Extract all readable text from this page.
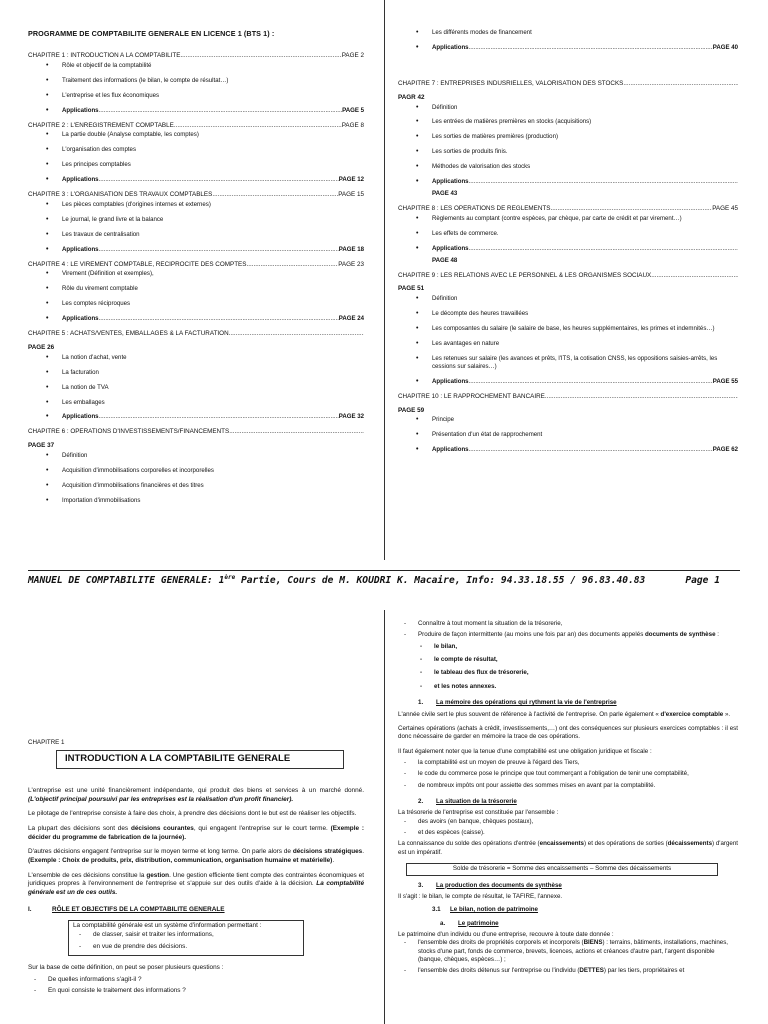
PROGRAMME DE COMPTABILITE GENERALE EN LICENCE 1 (BTS 1) :
CHAPITRE 1 : INTRODUCTION A LA COMPTABILITE .....	PAGE 2
• Rôle et objectif de la comptabilité
• Traitement des informations (le bilan, le compte de résultat…)
• L'entreprise et les flux économiques
• Applications .....	PAGE 5
CHAPITRE 2 : L'ENREGISTREMENT COMPTABLE .....	PAGE 8
• La partie double (Analyse comptable, les comptes)
• L'organisation des comptes
• Les principes comptables
• Applications .....	PAGE 12
CHAPITRE 3 : L'ORGANISATION DES TRAVAUX COMPTABLES .....	PAGE 15
• Les pièces comptables (d'origines internes et externes)
• Le journal, le grand livre et la balance
• Les travaux de centralisation
• Applications .....	PAGE 18
CHAPITRE 4 : LE VIREMENT COMPTABLE, RECIPROCITE DES COMPTES .....	PAGE 23
• Virement (Définition et exemples),
• Rôle du virement comptable
• Les comptes réciproques
• Applications .....	PAGE 24
CHAPITRE 5 : ACHATS/VENTES, EMBALLAGES & LA FACTURATION
.....
PAGE 26
• La notion d'achat, vente
• La facturation
• La notion de TVA
• Les emballages
• Applications .....	PAGE 32
CHAPITRE 6 : OPERATIONS D'INVESTISSEMENTS/FINANCEMENTS
.....
PAGE 37
• Définition
• Acquisition d'immobilisations corporelles et incorporelles
• Acquisition d'immobilisations financières et des titres
• Importation d'immobilisations
• Les différents modes de financement
• Applications .....	PAGE 40
CHAPITRE 7 : ENTREPRISES INDUSRIELLES, VALORISATION DES STOCKS
.....
PAGR 42
• Définition
• Les entrées de matières premières en stocks (acquisitions)
• Les sorties de matières premières (production)
• Les sorties de produits finis.
• Méthodes de valorisation des stocks
• Applications
.....
PAGE 43
CHAPITRE 8 : LES OPERATIONS DE REGLEMENTS .....	PAGE 45
• Règlements au comptant (contre espèces, par chèque, par carte de crédit et par virement…)
• Les effets de commerce.
• Applications
.....
PAGE 48
CHAPITRE 9 : LES RELATIONS AVEC LE PERSONNEL & LES ORGANISMES SOCIAUX
.....
PAGE 51
• Définition
• Le décompte des heures travaillées
• Les composantes du salaire (le salaire de base, les heures supplémentaires, les primes et indemnités…)
• Les avantages en nature
• Les retenues sur salaire (les avances et prêts, l'ITS, la cotisation CNSS, les oppositions saisies-arrêts, les cessions sur salaires…)
• Applications .....	PAGE 55
CHAPITRE 10 : LE RAPPROCHEMENT BANCAIRE
.....
PAGE 59
• Principe
• Présentation d'un état de rapprochement
• Applications .....	PAGE 62
MANUEL DE COMPTABILITE GENERALE: 1ère Partie, Cours de M. KOUDRI K. Macaire, Info: 94.33.18.55 / 96.83.40.83	Page 1
CHAPITRE 1
INTRODUCTION A LA COMPTABILITE GENERALE

L'entreprise est une unité financièrement indépendante, qui produit des biens et services à un marché donné. (L'objectif principal poursuivi par les entreprises est la réalisation d'un profit financier).

Le pilotage de l'entreprise consiste à faire des choix, à prendre des décisions dont le but est de réaliser les objectifs.

La plupart des décisions sont des décisions courantes, qui engagent l'entreprise sur le court terme. (Exemple : décider du programme de fabrication de la journée).

D'autres décisions engagent l'entreprise sur le moyen terme et long terme. On parle alors de décisions stratégiques. (Exemple : Choix de produits, prix, distribution, communication, organisation humaine et matérielle).

L'ensemble de ces décisions constitue la gestion. Une gestion efficiente tient compte des contraintes économiques et juridiques propres à l'environnement de l'entreprise et s'appuie sur des outils d'aide à la décision. La comptabilité générale est un de ces outils.

I.	RÔLE ET OBJECTIFS DE LA COMPTABILITE GENERALE
La comptabilité générale est un système d'information permettant :
- de classer, saisir et traiter les informations,
- en vue de prendre des décisions.
Sur la base de cette définition, on peut se poser plusieurs questions :
- De quelles informations s'agit-il ?
- En quoi consiste le traitement des informations ?
- Connaître à tout moment la situation de la trésorerie,
- Produire de façon intermittente (au moins une fois par an) des documents appelés documents de synthèse :
- le bilan,
- le compte de résultat,
- le tableau des flux de trésorerie,
- et les notes annexes.
1. La mémoire des opérations qui rythment la vie de l'entreprise

L'année civile sert le plus souvent de référence à l'activité de l'entreprise. On parle également « d'exercice comptable ».

Certaines opérations (achats à crédit, investissements,…) ont des conséquences sur plusieurs exercices comptables : il est donc nécessaire de garder en mémoire la trace de ces opérations.

Il faut également noter que la tenue d'une comptabilité est une obligation juridique et fiscale :

- la comptabilité est un moyen de preuve à l'égard des Tiers,
- le code du commerce pose le principe que tout commerçant a l'obligation de tenir une comptabilité,
- de nombreux impôts ont pour assiette des sommes mises en avant par la comptabilité.
2. La situation de la trésorerie
La trésorerie de l'entreprise est constituée par l'ensemble :
- des avoirs (en banque, chèques postaux),
- et des espèces (caisse).

La connaissance du solde des opérations d'entrée (encaissements) et des opérations de sorties (décaissements) d'argent est un impératif.

Solde de trésorerie = Somme des encaissements – Somme des décaissements
3. La production des documents de synthèse
Il s'agit : le bilan, le compte de résultat, le TAFIRE, l'annexe.
3.1 Le bilan, notion de patrimoine
a. Le patrimoine
Le patrimoine d'un individu ou d'une entreprise, recouvre à toute date donnée :
- l'ensemble des droits de propriétés corporels et incorporels (BIENS) : terrains, bâtiments, installations, machines, stocks d'une part, fonds de commerce, brevets, licences, actions et créances d'autre part, l'argent disponible (banque, chèques, espèces…) ;
- l'ensemble des droits détenus sur l'entreprise ou l'individu (DETTES) par les tiers, propriétaires et
